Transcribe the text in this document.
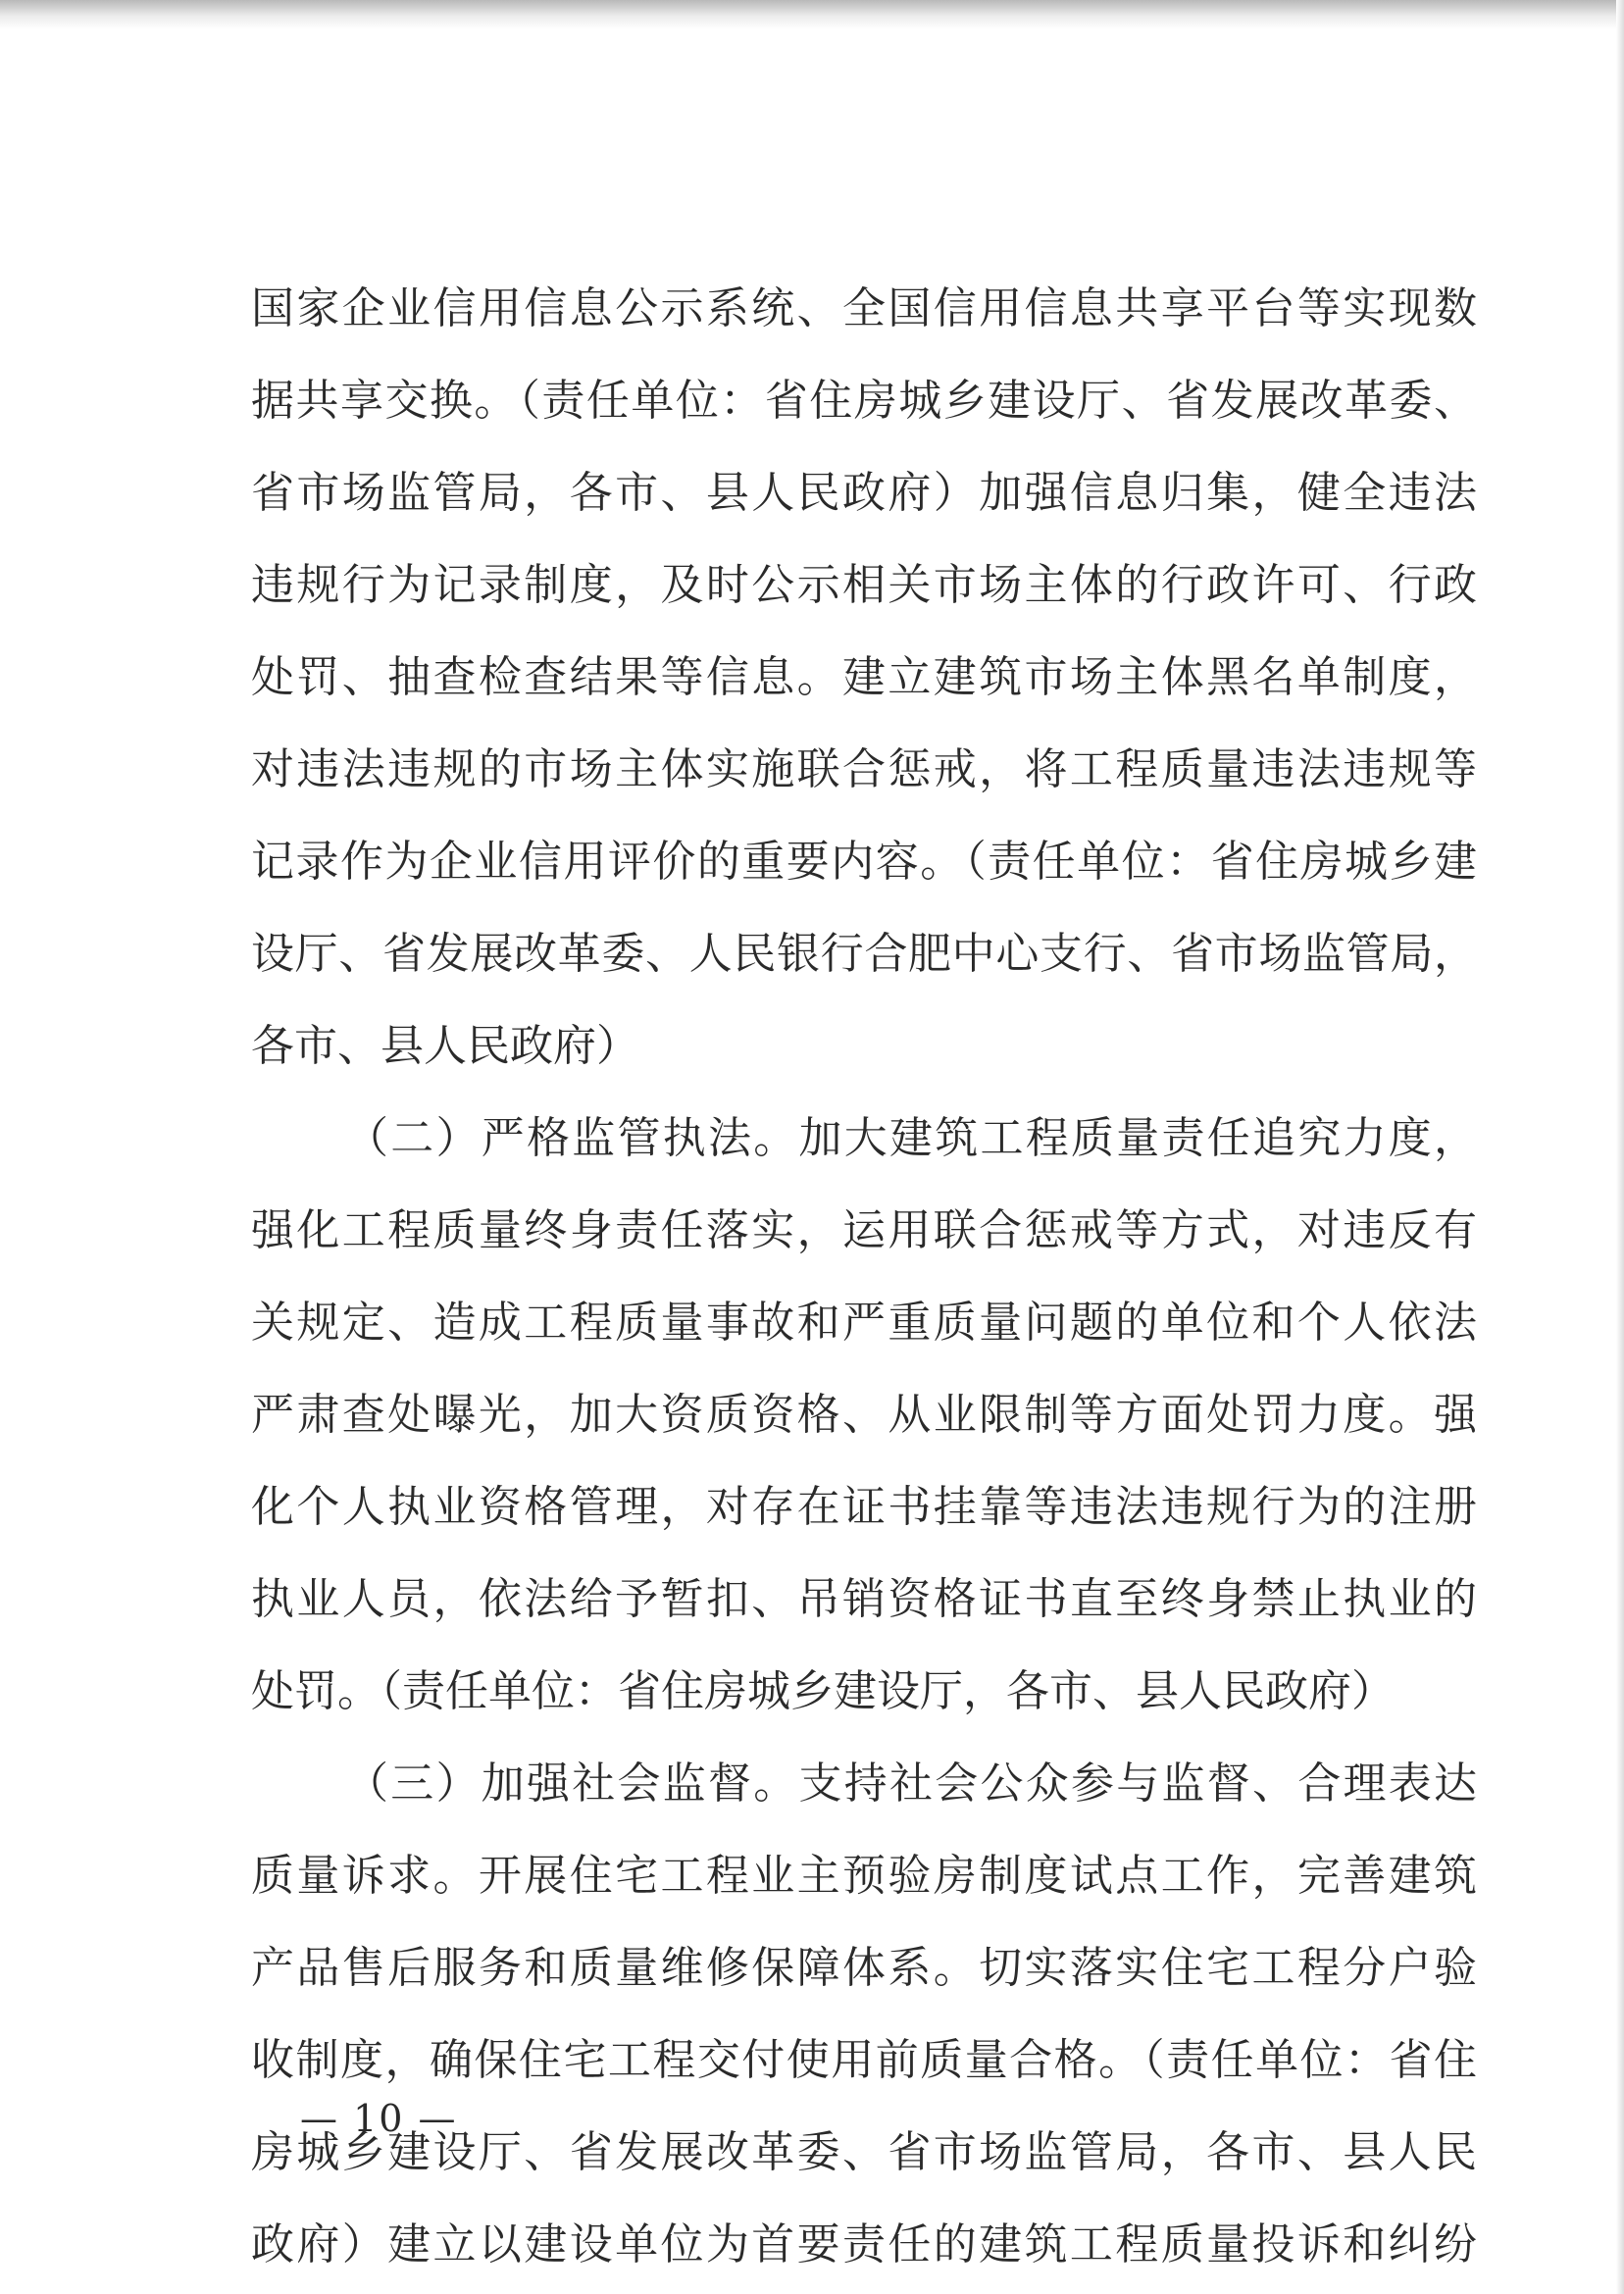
国家企业信用信息公示系统、全国信用信息共享平台等实现数
据共享交换。（责任单位：省住房城乡建设厅、省发展改革委、
省市场监管局，各市、县人民政府）加强信息归集，健全违法
违规行为记录制度，及时公示相关市场主体的行政许可、行政
处罚、抽查检查结果等信息。建立建筑市场主体黑名单制度，
对违法违规的市场主体实施联合惩戒，将工程质量违法违规等
记录作为企业信用评价的重要内容。（责任单位：省住房城乡建
设厅、省发展改革委、人民银行合肥中心支行、省市场监管局，
各市、县人民政府）
（二）严格监管执法。加大建筑工程质量责任追究力度，
强化工程质量终身责任落实，运用联合惩戒等方式，对违反有
关规定、造成工程质量事故和严重质量问题的单位和个人依法
严肃查处曝光，加大资质资格、从业限制等方面处罚力度。强
化个人执业资格管理，对存在证书挂靠等违法违规行为的注册
执业人员，依法给予暂扣、吊销资格证书直至终身禁止执业的
处罚。（责任单位：省住房城乡建设厅，各市、县人民政府）
（三）加强社会监督。支持社会公众参与监督、合理表达
质量诉求。开展住宅工程业主预验房制度试点工作，完善建筑
产品售后服务和质量维修保障体系。切实落实住宅工程分户验
收制度，确保住宅工程交付使用前质量合格。（责任单位：省住
房城乡建设厅、省发展改革委、省市场监管局，各市、县人民
政府）建立以建设单位为首要责任的建筑工程质量投诉和纠纷
— 10 —
